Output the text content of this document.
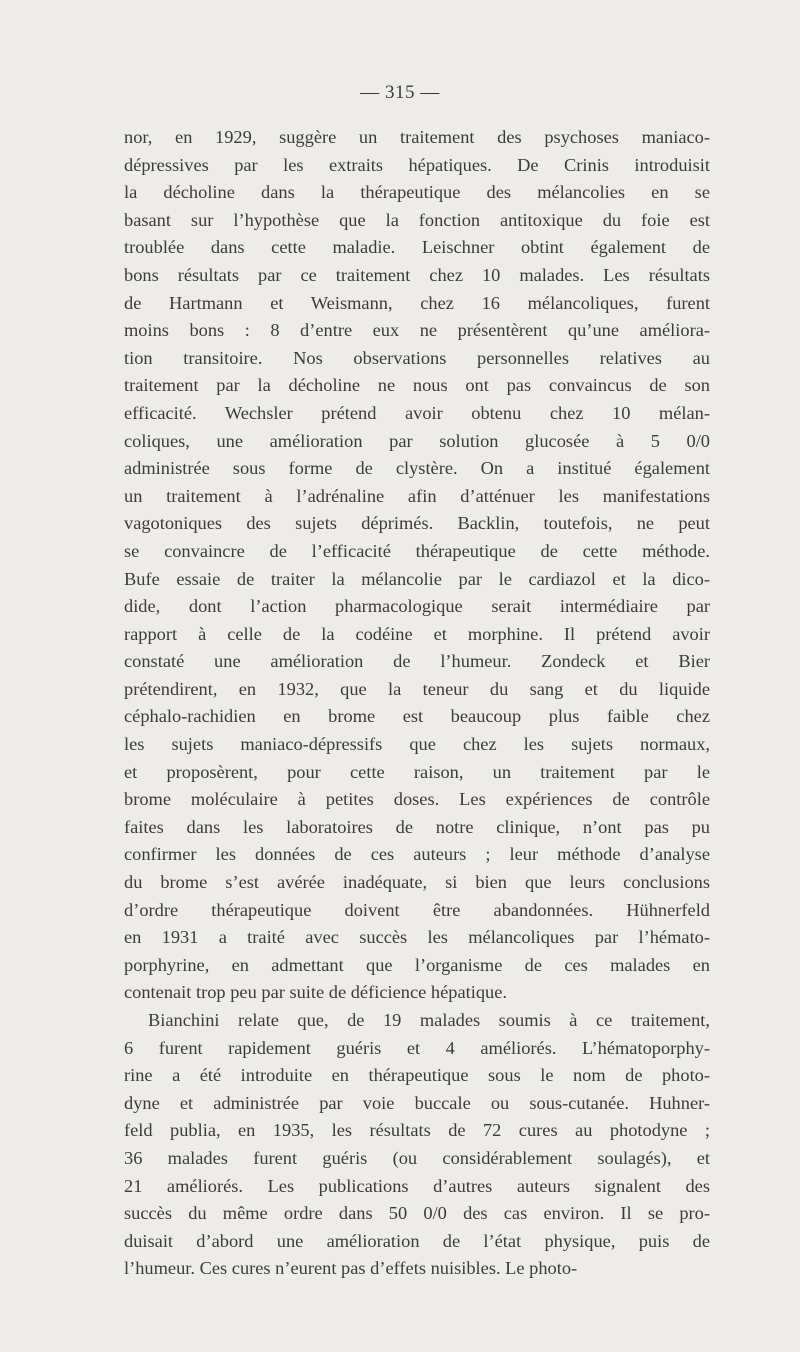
— 315 —
nor, en 1929, suggère un traitement des psychoses maniaco-
dépressives par les extraits hépatiques. De Crinis introduisit
la décholine dans la thérapeutique des mélancolies en se
basant sur l’hypothèse que la fonction antitoxique du foie est
troublée dans cette maladie. Leischner obtint également de
bons résultats par ce traitement chez 10 malades. Les résultats
de Hartmann et Weismann, chez 16 mélancoliques, furent
moins bons : 8 d’entre eux ne présentèrent qu’une améliora-
tion transitoire. Nos observations personnelles relatives au
traitement par la décholine ne nous ont pas convaincus de son
efficacité. Wechsler prétend avoir obtenu chez 10 mélan-
coliques, une amélioration par solution glucosée à 5 0/0
administrée sous forme de clystère. On a institué également
un traitement à l’adrénaline afin d’atténuer les manifestations
vagotoniques des sujets déprimés. Backlin, toutefois, ne peut
se convaincre de l’efficacité thérapeutique de cette méthode.
Bufe essaie de traiter la mélancolie par le cardiazol et la dico-
dide, dont l’action pharmacologique serait intermédiaire par
rapport à celle de la codéine et morphine. Il prétend avoir
constaté une amélioration de l’humeur. Zondeck et Bier
prétendirent, en 1932, que la teneur du sang et du liquide
céphalo-rachidien en brome est beaucoup plus faible chez
les sujets maniaco-dépressifs que chez les sujets normaux,
et proposèrent, pour cette raison, un traitement par le
brome moléculaire à petites doses. Les expériences de contrôle
faites dans les laboratoires de notre clinique, n’ont pas pu
confirmer les données de ces auteurs ; leur méthode d’analyse
du brome s’est avérée inadéquate, si bien que leurs conclusions
d’ordre thérapeutique doivent être abandonnées. Hühnerfeld
en 1931 a traité avec succès les mélancoliques par l’hémato-
porphyrine, en admettant que l’organisme de ces malades en
contenait trop peu par suite de déficience hépatique.
Bianchini relate que, de 19 malades soumis à ce traitement,
6 furent rapidement guéris et 4 améliorés. L’hématoporphy-
rine a été introduite en thérapeutique sous le nom de photo-
dyne et administrée par voie buccale ou sous-cutanée. Huhner-
feld publia, en 1935, les résultats de 72 cures au photodyne ;
36 malades furent guéris (ou considérablement soulagés), et
21 améliorés. Les publications d’autres auteurs signalent des
succès du même ordre dans 50 0/0 des cas environ. Il se pro-
duisait d’abord une amélioration de l’état physique, puis de
l’humeur. Ces cures n’eurent pas d’effets nuisibles. Le photo-
